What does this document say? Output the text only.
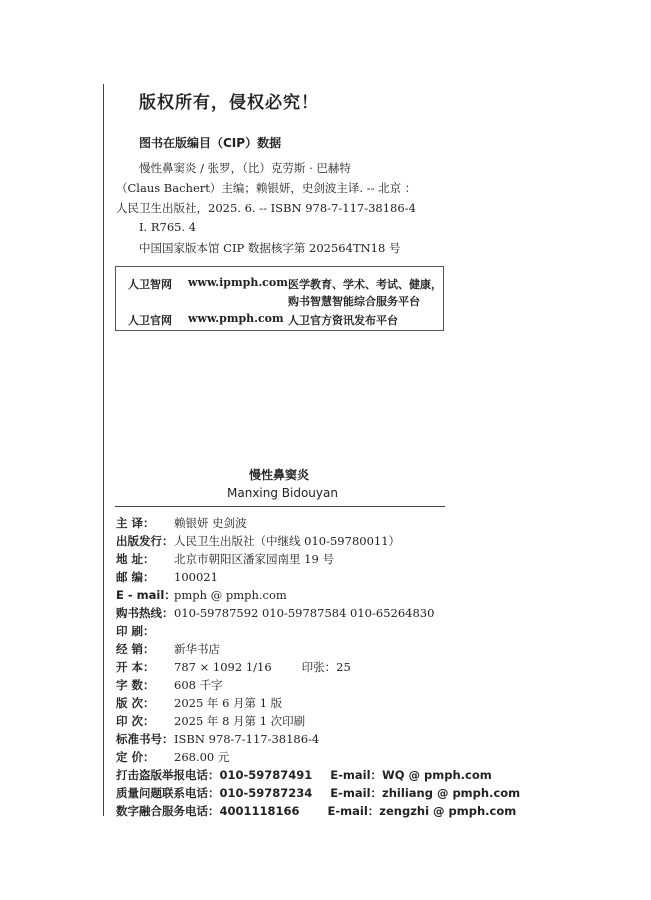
版权所有，侵权必究！
图书在版编目（CIP）数据
慢性鼻窦炎 / 张罗，（比）克劳斯 · 巴赫特
（Claus Bachert）主编；赖银妍，史剑波主译. -- 北京 ：
人民卫生出版社，2025. 6. -- ISBN 978-7-117-38186-4
Ⅰ. R765. 4
中国国家版本馆 CIP 数据核字第 202564TN18 号
人卫智网 www.ipmph.com 医学教育、学术、考试、健康，
购书智慧智能综合服务平台
人卫官网 www.pmph.com 人卫官方资讯发布平台
慢性鼻窦炎
Manxing Bidouyan
主 译： 赖银妍 史剑波
出版发行：人民卫生出版社（中继线 010-59780011）
地 址： 北京市朝阳区潘家园南里 19 号
邮 编： 100021
E - mail：pmph @ pmph.com
购书热线：010-59787592 010-59787584 010-65264830
印 刷：
经 销： 新华书店
开 本： 787 × 1092 1/16	印张：25
字 数： 608 千字
版 次： 2025 年 6 月第 1 版
印 次： 2025 年 8 月第 1 次印刷
标准书号：ISBN 978-7-117-38186-4
定 价： 268.00 元
打击盗版举报电话：010-59787491 E-mail：WQ @ pmph.com
质量问题联系电话：010-59787234 E-mail：zhiliang @ pmph.com
数字融合服务电话：4001118166 E-mail：zengzhi @ pmph.com
